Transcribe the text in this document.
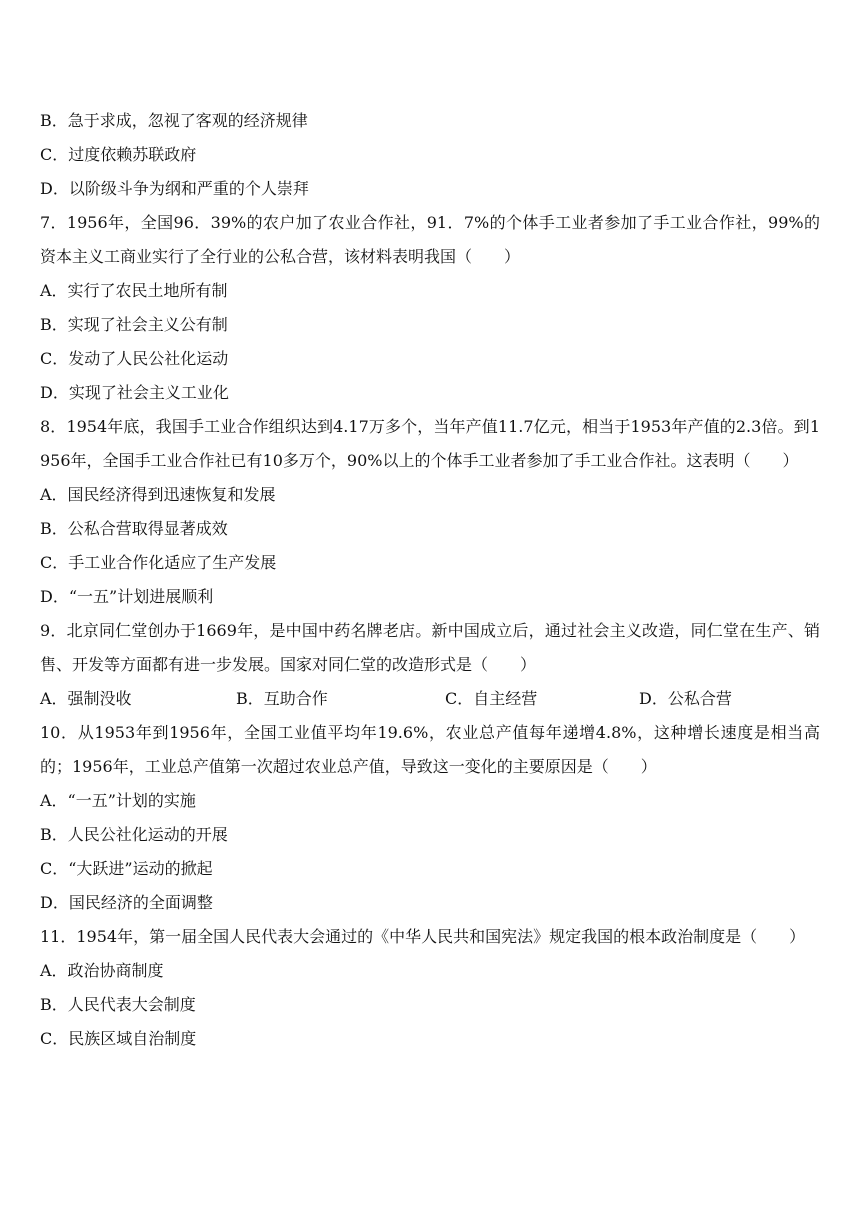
B．急于求成，忽视了客观的经济规律
C．过度依赖苏联政府
D．以阶级斗争为纲和严重的个人崇拜
7．1956年，全国96．39%的农户加了农业合作社，91．7%的个体手工业者参加了手工业合作社，99%的资本主义工商业实行了全行业的公私合营，该材料表明我国（　　）
A．实行了农民土地所有制
B．实现了社会主义公有制
C．发动了人民公社化运动
D．实现了社会主义工业化
8．1954年底，我国手工业合作组织达到4.17万多个，当年产值11.7亿元，相当于1953年产值的2.3倍。到1956年，全国手工业合作社已有10多万个，90%以上的个体手工业者参加了手工业合作社。这表明（　　）
A．国民经济得到迅速恢复和发展
B．公私合营取得显著成效
C．手工业合作化适应了生产发展
D．“一五”计划进展顺利
9．北京同仁堂创办于1669年，是中国中药名牌老店。新中国成立后，通过社会主义改造，同仁堂在生产、销售、开发等方面都有进一步发展。国家对同仁堂的改造形式是（　　）
A．强制没收	B．互助合作	C．自主经营	D．公私合营
10．从1953年到1956年，全国工业值平均年19.6%，农业总产值每年递增4.8%，这种增长速度是相当高的；1956年，工业总产值第一次超过农业总产值，导致这一变化的主要原因是（　　）
A．“一五”计划的实施
B．人民公社化运动的开展
C．“大跃进”运动的掀起
D．国民经济的全面调整
11．1954年，第一届全国人民代表大会通过的《中华人民共和国宪法》规定我国的根本政治制度是（　　）
A．政治协商制度
B．人民代表大会制度
C．民族区域自治制度
